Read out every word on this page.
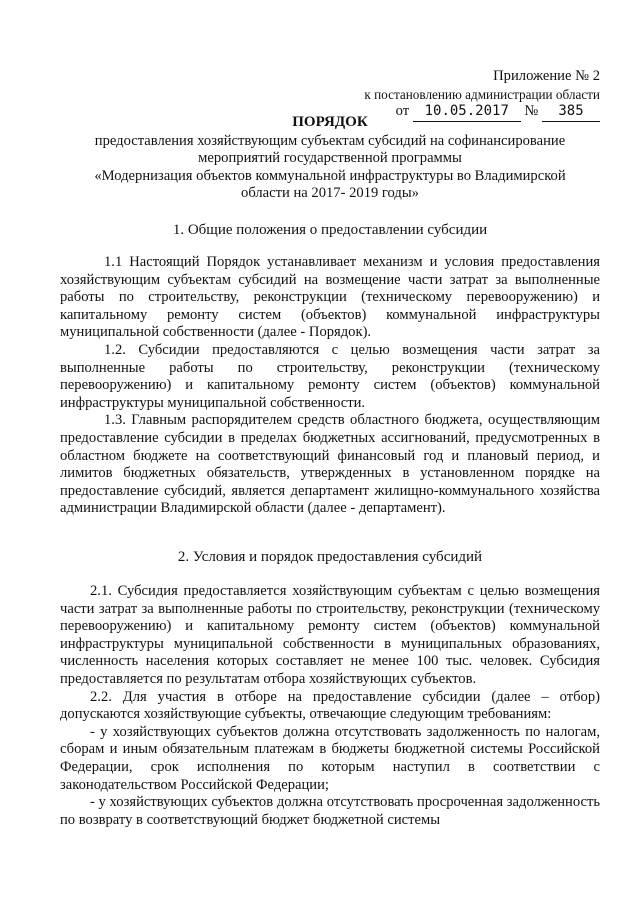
Приложение № 2
к постановлению администрации области
от 10.05.2017 № 385
ПОРЯДОК
предоставления хозяйствующим субъектам субсидий на софинансирование
мероприятий государственной программы
«Модернизация объектов коммунальной инфраструктуры во Владимирской
области на 2017- 2019 годы»
1. Общие положения о предоставлении субсидии

1.1 Настоящий Порядок устанавливает механизм и условия предоставления хозяйствующим субъектам субсидий на возмещение части затрат за выполненные работы по строительству, реконструкции (техническому перевооружению) и капитальному ремонту систем (объектов) коммунальной инфраструктуры муниципальной собственности (далее - Порядок).

1.2. Субсидии предоставляются с целью возмещения части затрат за выполненные работы по строительству, реконструкции (техническому перевооружению) и капитальному ремонту систем (объектов) коммунальной инфраструктуры муниципальной собственности.

1.3. Главным распорядителем средств областного бюджета, осуществляющим предоставление субсидии в пределах бюджетных ассигнований, предусмотренных в областном бюджете на соответствующий финансовый год и плановый период, и лимитов бюджетных обязательств, утвержденных в установленном порядке на предоставление субсидий, является департамент жилищно-коммунального хозяйства администрации Владимирской области (далее - департамент).

2. Условия и порядок предоставления субсидий

2.1. Субсидия предоставляется хозяйствующим субъектам с целью возмещения части затрат за выполненные работы по строительству, реконструкции (техническому перевооружению) и капитальному ремонту систем (объектов) коммунальной инфраструктуры муниципальной собственности в муниципальных образованиях, численность населения которых составляет не менее 100 тыс. человек. Субсидия предоставляется по результатам отбора хозяйствующих субъектов.

2.2. Для участия в отборе на предоставление субсидии (далее – отбор) допускаются хозяйствующие субъекты, отвечающие следующим требованиям:

- у хозяйствующих субъектов должна отсутствовать задолженность по налогам, сборам и иным обязательным платежам в бюджеты бюджетной системы Российской Федерации, срок исполнения по которым наступил в соответствии с законодательством Российской Федерации;

- у хозяйствующих субъектов должна отсутствовать просроченная задолженность по возврату в соответствующий бюджет бюджетной системы
